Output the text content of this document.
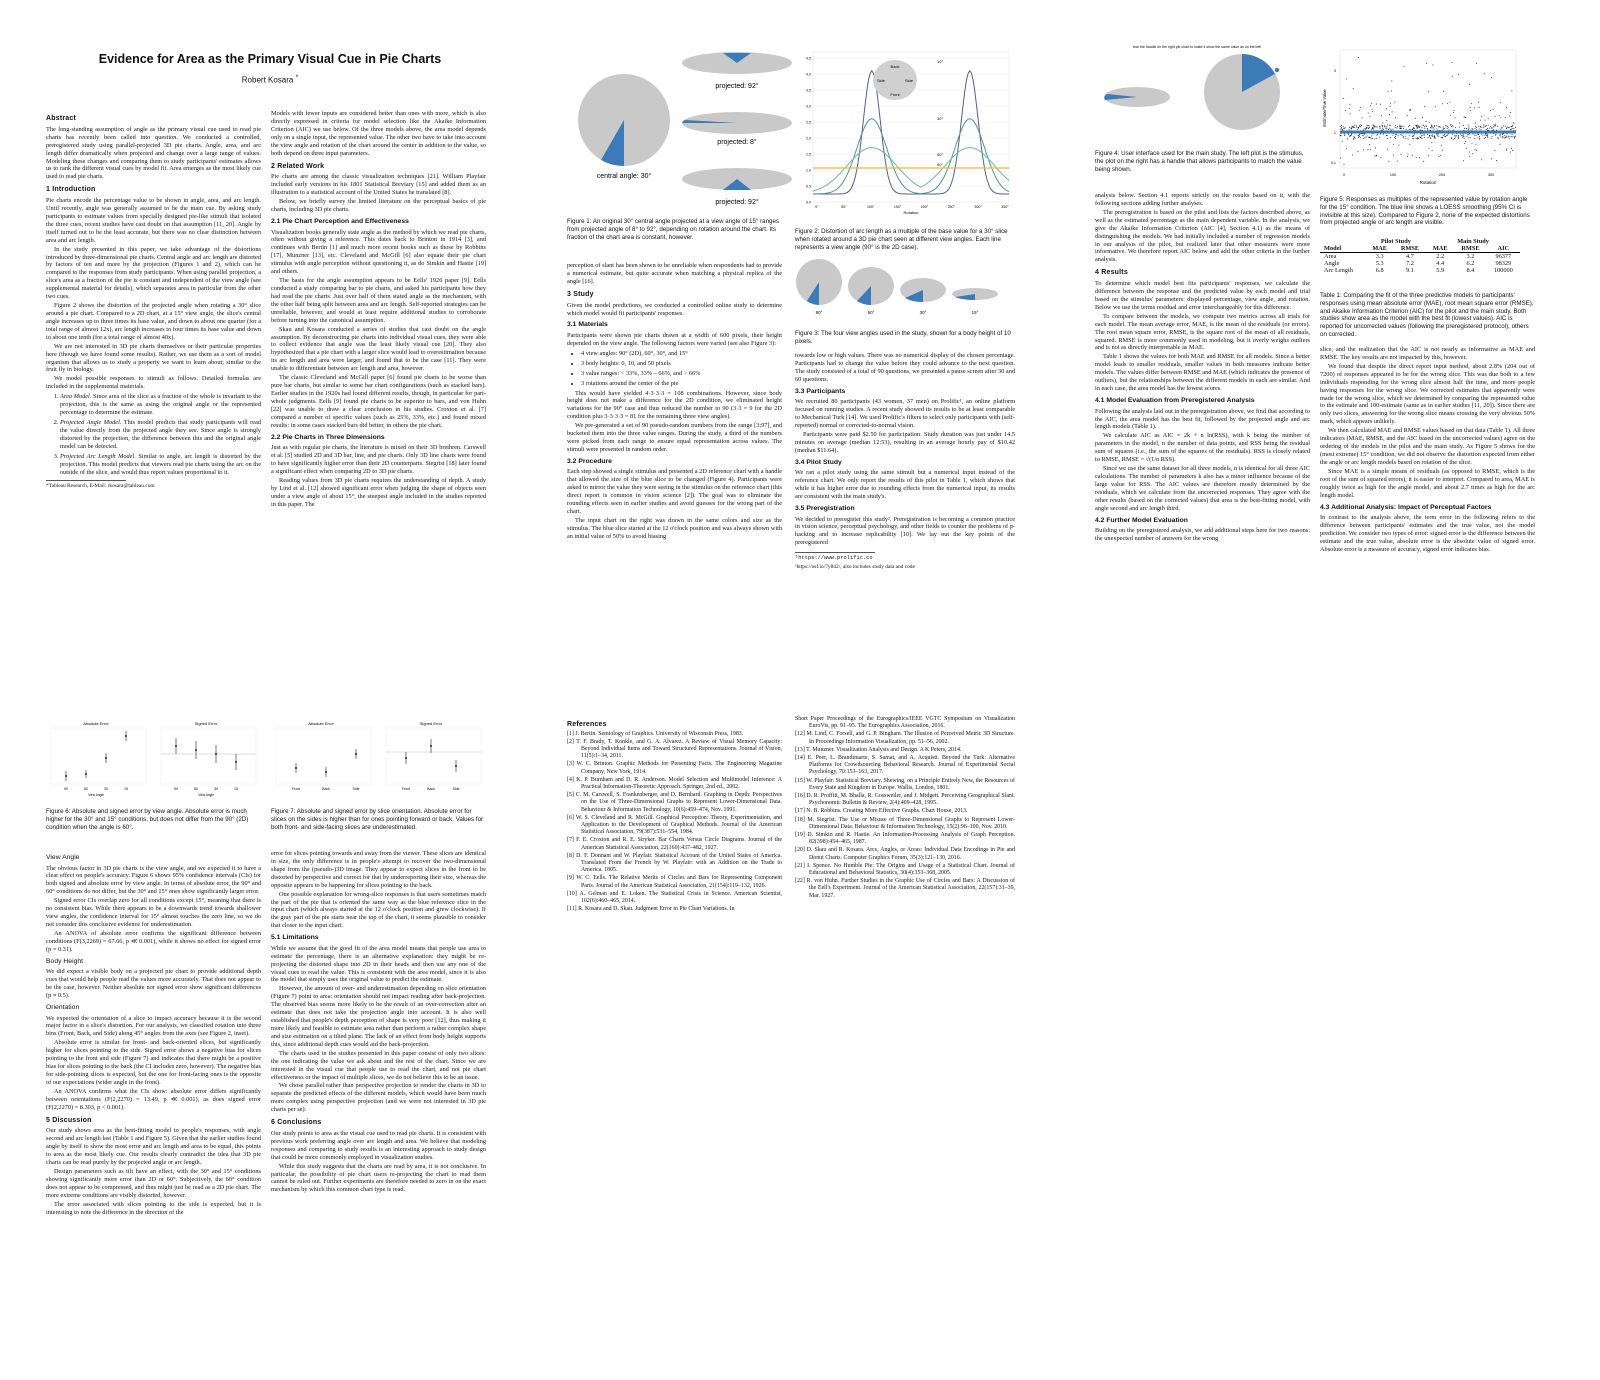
Evidence for Area as the Primary Visual Cue in Pie Charts
Robert Kosara *
Abstract

The long-standing assumption of angle as the primary visual cue used to read pie charts has recently been called into question. We conducted a controlled, preregistered study using parallel-projected 3D pie charts. Angle, area, and arc length differ dramatically when projected and change over a large range of values. Modeling these changes and comparing them to study participants' estimates allows us to rank the different visual cues by model fit. Area emerges as the most likely cue used to read pie charts.

1 Introduction

Pie charts encode the percentage value to be shown in angle, area, and arc length. Until recently, angle was generally assumed to be the main cue. By asking study participants to estimate values from specially designed pie-like stimuli that isolated the three cues, recent studies have cast doubt on that assumption [11, 20]. Angle by itself turned out to be the least accurate, but there was no clear distinction between area and arc length.

In the study presented in this paper, we take advantage of the distortions introduced by three-dimensional pie charts. Central angle and arc length are distorted by factors of ten and more by the projection (Figures 1 and 2), which can be compared to the responses from study participants. When using parallel projection, a slice's area as a fraction of the pie is constant and independent of the view angle (see supplemental material for details), which separates area in particular from the other two cues.

Figure 2 shows the distortion of the projected angle when rotating a 30° slice around a pie chart. Compared to a 2D chart, at a 15° view angle, the slice's central angle increases up to three times its base value, and down to about one quarter (for a total range of almost 12x), arc length increases to four times its base value and down to about one tenth (for a total range of almost 40x).

We are not interested in 3D pie charts themselves or their particular properties here (though we have found some results). Rather, we use them as a sort of model organism that allows us to study a property we want to learn about; similar to the fruit fly in biology.

We model possible responses to stimuli as follows. Detailed formulas are included in the supplemental materials.

1. Area Model. Since area of the slice as a fraction of the whole is invariant to the projection, this is the same as using the original angle or the represented percentage to determine the estimate.
2. Projected Angle Model. This model predicts that study participants will read the value directly from the projected angle they see. Since angle is strongly distorted by the projection, the difference between this and the original angle model can be detected.
3. Projected Arc Length Model. Similar to angle, arc length is distorted by the projection. This model predicts that viewers read pie charts using the arc on the outside of the slice, and would thus report values proportional to it.
*Tableau Research, E-Mail: rkosara@tableau.com

Models with fewer inputs are considered better than ones with more, which is also directly expressed in criteria for model selection like the Akaike Information Criterion (AIC) we use below. Of the three models above, the area model depends only on a single input, the represented value. The other two have to take into account the view angle and rotation of the chart around the center in addition to the value, so both depend on three input parameters.

2 Related Work

Pie charts are among the classic visualization techniques [21]. William Playfair included early versions in his 1801 Statistical Breviary [15] and added them as an illustration to a statistical account of the United States he translated [8].

Below, we briefly survey the limited literature on the perceptual basics of pie charts, including 3D pie charts.

2.1 Pie Chart Perception and Effectiveness

Visualization books generally state angle as the method by which we read pie charts, often without giving a reference. This dates back to Brinton in 1914 [3], and continues with Bertin [1] and much more recent books such as those by Robbins [17], Munzner [13], etc. Cleveland and McGill [6] also equate their pie chart stimulus with angle perception without questioning it, as do Simkin and Hastie [19] and others.

The basis for the angle assumption appears to be Eells' 1926 paper [9]. Eells conducted a study comparing bar to pie charts, and asked his participants how they had read the pie charts. Just over half of them stated angle as the mechanism, with the other half being split between area and arc length. Self-reported strategies can be unreliable, however, and would at least require additional studies to corroborate before turning into the canonical assumption.

Skau and Kosara conducted a series of studies that cast doubt on the angle assumption. By deconstructing pie charts into individual visual cues, they were able to collect evidence that angle was the least likely visual cue [20]. They also hypothesized that a pie chart with a larger slice would lead to overestimation because its arc length and area were larger, and found that to be the case [11]. They were unable to differentiate between arc length and area, however.

The classic Cleveland and McGill paper [6] found pie charts to be worse than pure bar charts, but similar to some bar chart configurations (such as stacked bars). Earlier studies in the 1920s had found different results, though, in particular for part-whole judgments. Eells [9] found pie charts to be superior to bars, and von Huhn [22] was unable to draw a clear conclusion in his studies. Croxton et al. [7] compared a number of specific values (such as 25%, 33%, etc.) and found mixed results: in some cases stacked bars did better, in others the pie chart.

2.2 Pie Charts in Three Dimensions

Just as with regular pie charts, the literature is mixed on their 3D brethren. Carswell et al. [5] studied 2D and 3D bar, line, and pie charts. Only 3D line charts were found to have significantly higher error than their 2D counterparts. Siegrist [18] later found a significant effect when comparing 2D to 3D pie charts.

Reading values from 3D pie charts requires the understanding of depth. A study by Lind et al. [12] showed significant error when judging the shape of objects seen under a view angle of about 15°, the steepest angle included in the studies reported in this paper. The

central angle: 30°
projected: 92°
projected: 8°
projected: 92°
Figure 1: An original 30° central angle projected at a view angle of 15° ranges from projected angle of 8° to 92°, depending on rotation around the chart. Its fraction of the chart area is constant, however.

perception of slant has been shown to be unreliable when respondents had to provide a numerical estimate, but quite accurate when matching a physical replica of the angle [16].

3 Study

Given the model predictions, we conducted a controlled online study to determine which model would fit participants' responses.

3.1 Materials

Participants were shown pie charts drawn at a width of 600 pixels, their height depended on the view angle. The following factors were varied (see also Figure 3):

• 4 view angles: 90° (2D), 60°, 30°, and 15°
• 3 body heights: 0, 10, and 50 pixels
• 3 value ranges: < 33%, 33% – 66%, and > 66%
• 3 rotations around the center of the pie

This would have yielded 4·3·3·3 = 108 combinations. However, since body height does not make a difference for the 2D condition, we eliminated height variations for the 90° case and thus reduced the number to 90 (3·3 = 9 for the 2D condition plus 3·3·3·3 = 81 for the remaining three view angles).

We pre-generated a set of 90 pseudo-random numbers from the range [3;97], and bucketed them into the three value ranges. During the study, a third of the numbers were picked from each range to ensure equal representation across values. The stimuli were presented in random order.

3.2 Procedure

Each step showed a single stimulus and presented a 2D reference chart with a handle that allowed the size of the blue slice to be changed (Figure 4). Participants were asked to mirror the value they were seeing in the stimulus on the reference chart (this direct report is common in vision science [2]). The goal was to eliminate the rounding effects seen in earlier studies and avoid guesses for the wrong part of the chart.

The input chart on the right was drawn in the same colors and size as the stimulus. The blue slice started at the 12 o'clock position and was always shown with an initial value of 50% to avoid biasing

0.0
0.5
1.0
1.5
2.0
2.5
3.0
3.5
4.0
4.5
0°	50°	100°	150°	200°	250°	300°	350°
10°
30°
60°
90°
Back
Side	Side
Front
Rotation
Figure 2: Distortion of arc length as a multiple of the base value for a 30° slice when rotated around a 3D pie chart seen at different view angles. Each line represents a view angle (90° is the 2D case).
90°	60°	30°	15°
Figure 3: The four view angles used in the study, shown for a body height of 10 pixels.

towards low or high values. There was no numerical display of the chosen percentage. Participants had to change the value before they could advance to the next question. The study consisted of a total of 90 questions, we presented a pause screen after 30 and 60 questions.

3.3 Participants

We recruited 80 participants (43 women, 37 men) on Prolific¹, an online platform focused on running studies. A recent study showed its results to be at least comparable to Mechanical Turk [14]. We used Prolific's filters to select only participants with (self-reported) normal or corrected-to-normal vision.

Participants were paid $2.50 for participation. Study duration was just under 14.5 minutes on average (median 12:53), resulting in an average hourly pay of $10.42 (median $11.64).

3.4 Pilot Study

We ran a pilot study using the same stimuli but a numerical input instead of the reference chart. We only report the results of this pilot in Table 1, which shows that while it has higher error due to rounding effects from the numerical input, its results are consistent with the main study's.

3.5 Preregistration

We decided to preregister this study². Preregistration is becoming a common practice in vision science, perceptual psychology, and other fields to counter the problems of p-hacking and to increase replicability [10]. We lay out the key points of the preregistered

¹https://www.prolific.co
²https://osf.io/7y842/, also includes study data and code
Use the handle on the right pie chart to make it show the same value as on the left!
Figure 4: User interface used for the main study. The left plot is the stimulus, the plot on the right has a handle that allows participants to match the value being shown.

analysis below. Section 4.1 reports strictly on the results based on it, with the following sections adding further analyses.

The preregistration is based on the pilot and lists the factors described above, as well as the estimated percentage as the main dependent variable. In the analysis, we give the Akaike Information Criterion (AIC [4], Section 4.1) as the means of distinguishing the models. We had initially included a number of regression models in our analysis of the pilot, but realized later that other measures were more informative. We therefore report AIC below and add the other criteria in the further analysis.

4 Results

To determine which model best fits participants' responses, we calculate the difference between the response and the predicted value by each model and trial based on the stimulus' parameters: displayed percentage, view angle, and rotation. Below we use the terms residual and error interchangeably for this difference.

To compare between the models, we compute two metrics across all trials for each model. The mean average error, MAE, is the mean of the residuals (or errors). The root mean square error, RMSE, is the square root of the mean of all residuals, squared. RMSE is more commonly used in modeling, but it overly weighs outliers and is not as directly interpretable as MAE.

Table 1 shows the values for both MAE and RMSE for all models. Since a better model leads to smaller residuals, smaller values in both measures indicate better models. The values differ between RMSE and MAE (which indicates the presence of outliers), but the relationships between the different models in each are similar. And in each case, the area model has the lowest scores.

4.1 Model Evaluation from Preregistered Analysis

Following the analysis laid out in the preregistration above, we find that according to the AIC, the area model has the best fit, followed by the projected angle and arc length models (Table 1).

We calculate AIC as AIC = 2k + n ln(RSS), with k being the number of parameters in the model, n the number of data points, and RSS being the residual sum of squares (i.e., the sum of the squares of the residuals). RSS is closely related to RMSE, RMSE = √(1/n RSS).

Since we use the same dataset for all three models, n is identical for all three AIC calculations. The number of parameters k also has a minor influence because of the large value for RSS. The AIC values are therefore mostly determined by the residuals, which we calculate from the uncorrected responses. They agree with the other results (based on the corrected values) that area is the best-fitting model, with angle second and arc length third.

4.2 Further Model Evaluation

Building on the preregistered analysis, we add additional steps here for two reasons: the unexpected number of answers for the wrong

3
1
0.1
0	100	200	300
Rotation
Estimate/True Value
Figure 5: Responses as multiples of the represented value by rotation angle for the 15° condition. The blue line shows a LOESS smoothing (95% CI is invisible at this size). Compared to Figure 2, none of the expected distortions from projected angle or arc length are visible.
	Pilot Study		Main Study		
Model	MAE	RMSE	MAE	RMSE	AIC
Area	3.3	4.7	2.2	3.2	96377
Angle	5.3	7.2	4.4	6.2	98329
Arc Length	6.8	9.1	5.9	8.4	100000
Table 1: Comparing the fit of the three predictive models to participants' responses using mean absolute error (MAE), root mean square error (RMSE), and Akaike Information Criterion (AIC) for the pilot and the main study. Both studies show area as the model with the best fit (lowest values). AIC is reported for uncorrected values (following the preregistered protocol), others on corrected.

slice, and the realization that the AIC is not nearly as informative as MAE and RMSE. The key results are not impacted by this, however.

We found that despite the direct report input method, about 2.8% (204 out of 7200) of responses appeared to be for the wrong slice. This was due both to a few individuals responding for the wrong slice almost half the time, and more people having responses for the wrong slice. We corrected estimates that apparently were made for the wrong slice, which we determined by comparing the represented value to the estimate and 100-estimate (same as in earlier studies [11, 20]). Since there are only two slices, answering for the wrong slice means crossing the very obvious 50% mark, which appears unlikely.

We then calculated MAE and RMSE values based on that data (Table 1). All three indicators (MAE, RMSE, and the AIC based on the uncorrected values) agree on the ordering of the models in the pilot and the main study. As Figure 5 shows for the (most extreme) 15° condition, we did not observe the distortion expected from either the angle or arc length models based on rotation of the slice.

Since MAE is a simple means of residuals (as opposed to RMSE, which is the root of the sum of squared errors), it is easier to interpret. Compared to area, MAE is roughly twice as high for the angle model, and about 2.7 times as high for the arc length model.

4.3 Additional Analysis: Impact of Perceptual Factors

In contrast to the analysis above, the term error in the following refers to the difference between participants' estimates and the true value, not the model prediction. We consider two types of error: signed error is the difference between the estimate and the true value, absolute error is the absolute value of signed error. Absolute error is a measure of accuracy, signed error indicates bias.

Absolute Error	Signed Error
90	60	30	15
View Angle
90	60	30	15
View Angle
Figure 6: Absolute and signed error by view angle. Absolute error is much higher for the 30° and 15° conditions, but does not differ from the 90° (2D) condition when the angle is 60°.
View Angle

The obvious factor in 3D pie charts is the view angle, and we expected it to have a clear effect on people's accuracy. Figure 6 shows 95% confidence intervals (CIs) for both signed and absolute error by view angle. In terms of absolute error, the 90° and 60° conditions do not differ, but the 30° and 15° ones show significantly larger error.

Signed error CIs overlap zero for all conditions except 15°, meaning that there is no consistent bias. While there appears to be a downwards trend towards shallower view angles, the confidence interval for 15° almost touches the zero line, so we do not consider this conclusive evidence for underestimation.

An ANOVA of absolute error confirms the significant difference between conditions (F(3,2269) = 67.66, p ≪ 0.001), while it shows no effect for signed error (p = 0.31).

Body Height

We did expect a visible body on a projected pie chart to provide additional depth cues that would help people read the values more accurately. That does not appear to be the case, however. Neither absolute nor signed error show significant differences (p ≈ 0.5).

Orientation

We expected the orientation of a slice to impact accuracy because it is the second major factor in a slice's distortion. For our analysis, we classified rotation into three bins (Front, Back, and Side) along 45° angles from the axes (see Figure 2, inset).

Absolute error is similar for front- and back-oriented slices, but significantly higher for slices pointing to the side. Signed error shows a negative bias for slices pointing to the front and side (Figure 7) and indicates that there might be a positive bias for slices pointing to the back (the CI includes zero, however). The negative bias for side-pointing slices is expected, but the one for front-facing ones is the opposite of our expectations (wider angle in the front).

An ANOVA confirms what the CIs show: absolute error differs significantly between orientations (F(2,2270) = 13.49, p ≪ 0.001), as does signed error (F(2,2270) = 8.303, p < 0.001).

5 Discussion

Our study shows area as the best-fitting model to people's responses, with angle second and arc length last (Table 1 and Figure 5). Given that the earlier studies found angle by itself to show the most error and arc length and area to be equal, this points to area as the most likely cue. Our results clearly contradict the idea that 3D pie charts can be read purely by the projected angle or arc length.

Design parameters such as tilt have an effect, with the 30° and 15° conditions showing significantly more error than 2D or 60°. Subjectively, the 60° condition does not appear to be compressed, and thus might just be read as a 2D pie chart. The more extreme conditions are visibly distorted, however.

The error associated with slices pointing to the side is expected, but it is interesting to note the difference in the direction of the

Absolute Error	Signed Error
Front	Back	Side	Front	Back	Side
Figure 7: Absolute and signed error by slice orientation. Absolute error for slices on the sides is higher than for ones pointing forward or back. Values for both front- and side-facing slices are underestimated.

error for slices pointing towards and away from the viewer. These slices are identical in size, the only difference is in people's attempt to recover the two-dimensional shape from the (pseudo-)3D image. They appear to expect slices in the front to be distorted by perspective and correct for that by underreporting their size, whereas the opposite appears to be happening for slices pointing to the back.

One possible explanation for wrong-slice responses is that users sometimes match the part of the pie that is oriented the same way as the blue reference slice in the input chart (which always started at the 12 o'clock position and grew clockwise). If the gray part of the pie starts near the top of the chart, it seems plausible to consider that closer to the input chart.

5.1 Limitations

While we assume that the good fit of the area model means that people use area to estimate the percentage, there is an alternative explanation: they might be re-projecting the distorted shape into 2D in their heads and then use any one of the visual cues to read the value. This is consistent with the area model, since it is also the model that simply uses the original value to predict the estimate.

However, the amount of over- and underestimation depending on slice orientation (Figure 7) point to area: orientation should not impact reading after back-projection. The observed bias seems more likely to be the result of an over-correction after an estimate that does not take the projection angle into account. It is also well established that people's depth perception of shape is very poor [12], thus making it more likely and feasible to estimate area rather than perform a rather complex shape and size estimation on a tilted plane. The lack of an effect from body height supports this, since additional depth cues would aid the back-projection.

The charts used in the studies presented in this paper consist of only two slices: the one indicating the value we ask about and the rest of the chart. Since we are interested in the visual cue that people use to read the chart, and not pie chart effectiveness or the impact of multiple slices, we do not believe this to be an issue.

We chose parallel rather than perspective projection to render the charts in 3D to separate the predicted effects of the different models, which would have been much more complex using perspective projection (and we were not interested in 3D pie charts per se).

6 Conclusions

Our study points to area as the visual cue used to read pie charts. It is consistent with previous work preferring angle over arc length and area. We believe that modeling responses and comparing to study results is an interesting approach to study design that could be more commonly employed in visualization studies.

While this study suggests that the charts are read by area, it is not conclusive. In particular, the possibility of pie chart users re-projecting the chart to read them cannot be ruled out. Further experiments are therefore needed to zero in on the exact mechanism by which this common chart type is read.

References
[1] J. Bertin. Semiology of Graphics. University of Wisconsin Press, 1983.
[2] T. F. Brady, T. Konkle, and G. A. Alvarez. A Review of Visual Memory Capacity: Beyond Individual Items and Toward Structured Representations. Journal of Vision, 11(5):1–34, 2011.
[3] W. C. Brinton. Graphic Methods for Presenting Facts. The Engineering Magazine Company, New York, 1914.
[4] K. P. Burnham and D. R. Anderson. Model Selection and Multimodel Inference: A Practical Information-Theoretic Approach. Springer, 2nd ed., 2002.
[5] C. M. Carswell, S. Frankenberger, and D. Bernhard. Graphing in Depth: Perspectives on the Use of Three-Dimensional Graphs to Represent Lower-Dimensional Data. Behaviour & Information Technology, 10(6):459–474, Nov. 1991.
[6] W. S. Cleveland and R. McGill. Graphical Perception: Theory, Experimentation, and Application to the Development of Graphical Methods. Journal of the American Statistical Association, 79(387):531–554, 1984.
[7] F. E. Croxton and R. E. Stryker. Bar Charts Versus Circle Diagrams. Journal of the American Statistical Association, 22(160):437–482, 1927.
[8] D. F. Donnant and W. Playfair. Statistical Account of the United States of America. Translated From the French by W. Playfair: with an Addition on the Trade to America. 1805.
[9] W. C. Eells. The Relative Merits of Circles and Bars for Representing Component Parts. Journal of the American Statistical Association, 21(154):119–132, 1926.
[10] A. Gelman and E. Loken. The Statistical Crisis in Science. American Scientist, 102(6):460–465, 2014.
[11] R. Kosara and D. Skau. Judgment Error in Pie Chart Variations. In
Short Paper Proceedings of the Eurographics/IEEE VGTC Symposium on Visualization EuroVis, pp. 91–95. The Eurographics Association, 2016.
[12] M. Lind, C. Forsell, and G. P. Bingham. The Illusion of Perceived Metric 3D Structure. In Proceedings Information Visualization, pp. 51–56, 2002.
[13] T. Munzner. Visualization Analysis and Design. A K Peters, 2014.
[14] E. Peer, L. Brandimarte, S. Samat, and A. Acquisti. Beyond the Turk: Alternative Platforms for Crowdsourcing Behavioral Research. Journal of Experimental Social Psychology, 70:153–163, 2017.
[15] W. Playfair. Statistical Breviary. Shewing, on a Principle Entirely New, the Resources of Every State and Kingdom in Europe. Wallis, London, 1801.
[16] D. R. Proffitt, M. Bhalla, R. Gossweiler, and J. Midgett. Perceiving Geographical Slant. Psychonomic Bulletin & Review, 2(4):409–428, 1995.
[17] N. B. Robbins. Creating More Effective Graphs. Chart House, 2013.
[18] M. Siegrist. The Use or Misuse of Three-Dimensional Graphs to Represent Lower-Dimensional Data. Behaviour & Information Technology, 15(2):96–100, Nov. 2010.
[19] D. Simkin and R. Hastie. An Information-Processing Analysis of Graph Perception. 82(398):454–465, 1987.
[20] D. Skau and R. Kosara. Arcs, Angles, or Areas: Individual Data Encodings in Pie and Donut Charts. Computer Graphics Forum, 35(3):121–130, 2016.
[21] I. Spence. No Humble Pie: The Origins and Usage of a Statistical Chart. Journal of Educational and Behavioral Statistics, 30(4):353–368, 2005.
[22] R. von Huhn. Further Studies in the Graphic Use of Circles and Bars: A Discussion of the Eell's Experiment. Journal of the American Statistical Association, 22(157):31–39, Mar. 1927.
